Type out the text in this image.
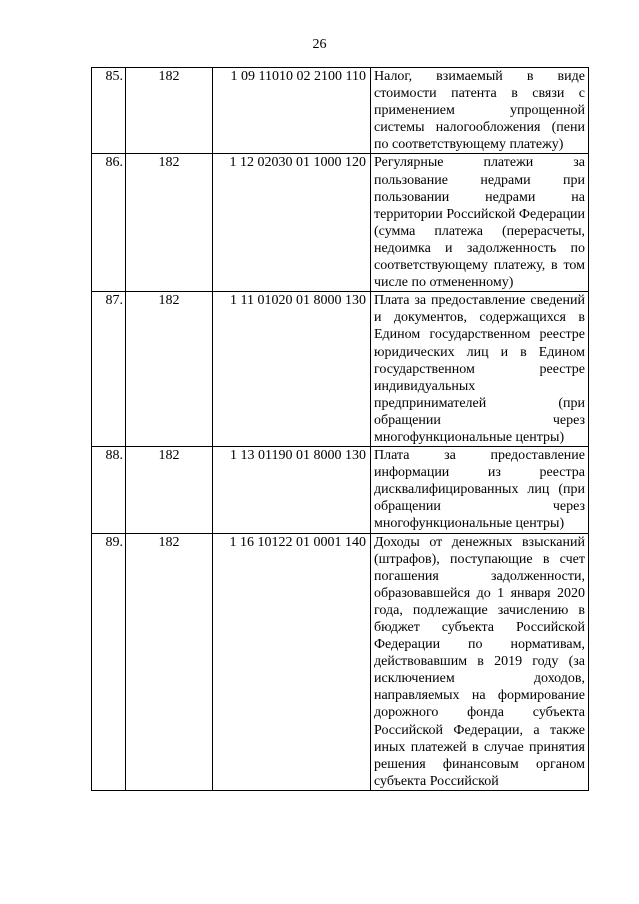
26
85.	182	1 09 11010 02 2100 110	Налог, взимаемый в виде стоимости патента в связи с применением упрощенной системы налогообложения (пени по соответствующему платежу)
86.	182	1 12 02030 01 1000 120	Регулярные платежи за пользование недрами при пользовании недрами на территории Российской Федерации (сумма платежа (перерасчеты, недоимка и задолженность по соответствующему платежу, в том числе по отмененному)
87.	182	1 11 01020 01 8000 130	Плата за предоставление сведений и документов, содержащихся в Едином государственном реестре юридических лиц и в Едином государственном реестре индивидуальных предпринимателей (при обращении через многофункциональные центры)
88.	182	1 13 01190 01 8000 130	Плата за предоставление информации из реестра дисквалифицированных лиц (при обращении через многофункциональные центры)
89.	182	1 16 10122 01 0001 140	Доходы от денежных взысканий (штрафов), поступающие в счет погашения задолженности, образовавшейся до 1 января 2020 года, подлежащие зачислению в бюджет субъекта Российской Федерации по нормативам, действовавшим в 2019 году (за исключением доходов, направляемых на формирование дорожного фонда субъекта Российской Федерации, а также иных платежей в случае принятия решения финансовым органом субъекта Российской
